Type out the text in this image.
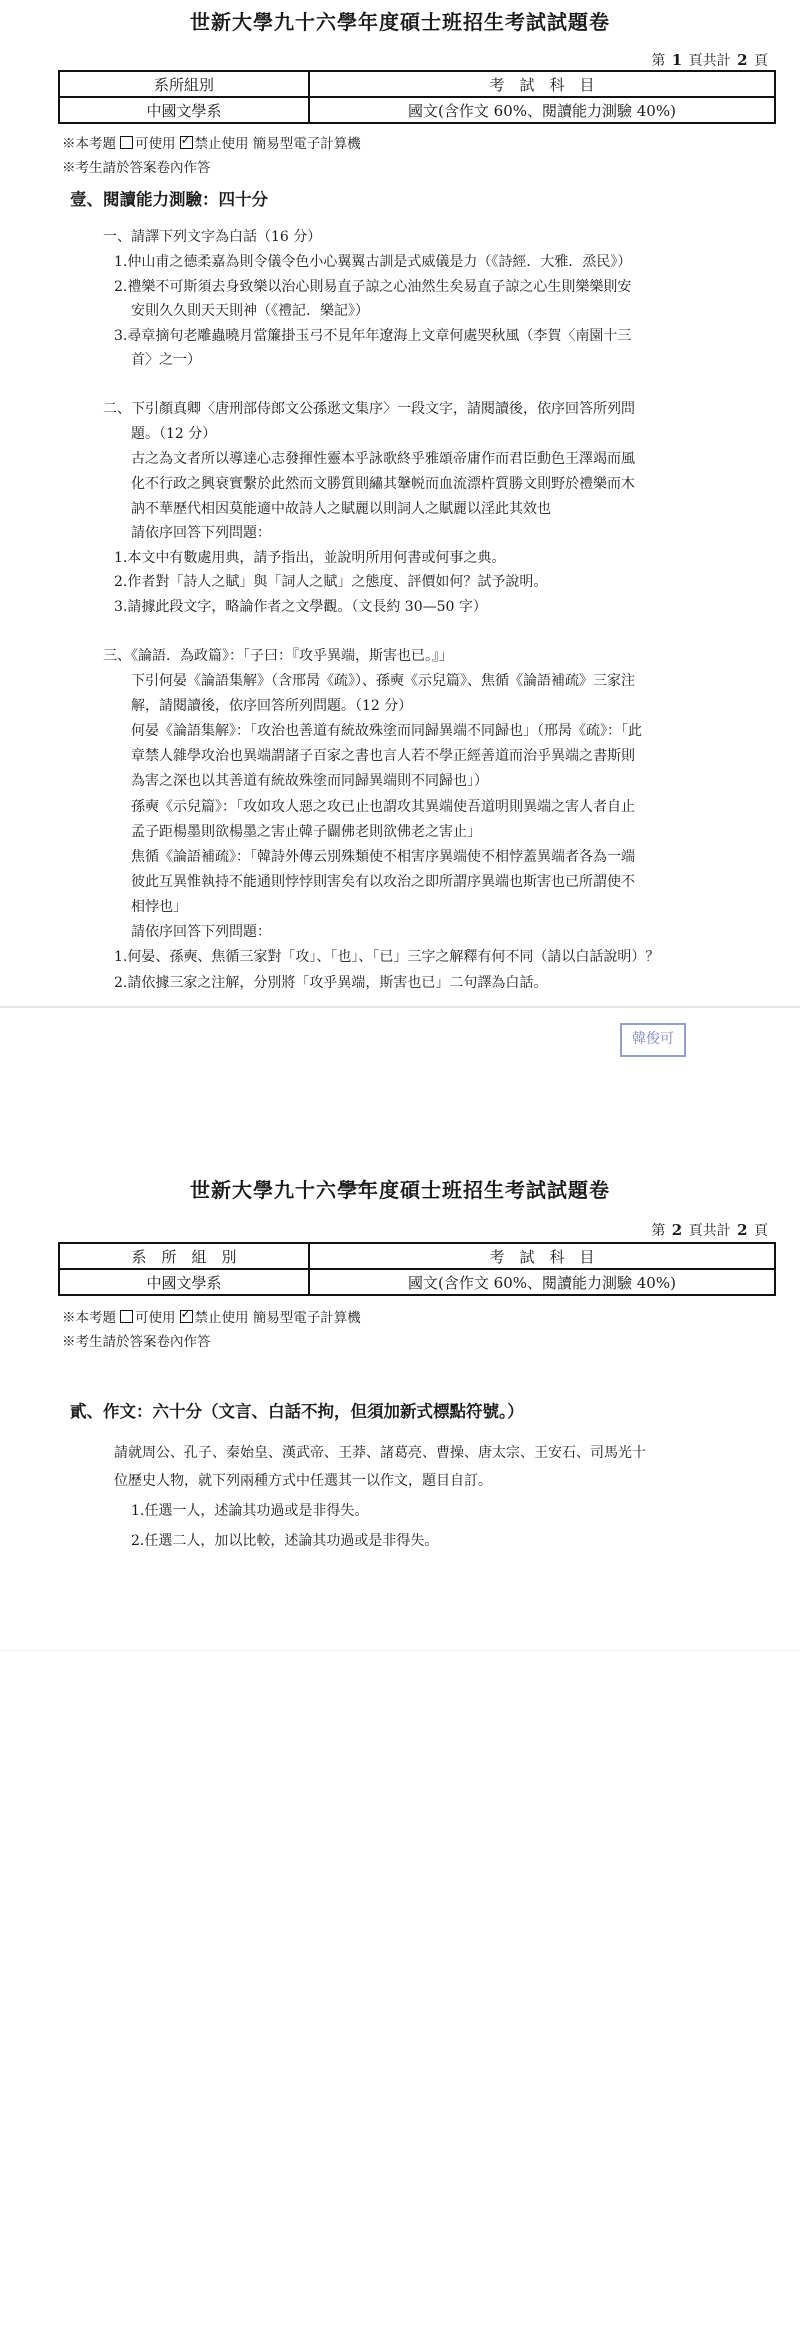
世新大學九十六學年度碩士班招生考試試題卷
第 1 頁共計 2 頁
系所組別	考　試　科　目
中國文學系	國文(含作文 60%、閱讀能力測驗 40%)
※本考題 可使用 ✓ 禁止使用 簡易型電子計算機
※考生請於答案卷內作答
壹、閱讀能力測驗：四十分
一、請譯下列文字為白話（16 分）
1.仲山甫之德柔嘉為則令儀令色小心翼翼古訓是式威儀是力（《詩經．大雅．烝民》）
2.禮樂不可斯須去身致樂以治心則易直子諒之心油然生矣易直子諒之心生則樂樂則安
安則久久則天天則神（《禮記．樂記》）
3.尋章摘句老雕蟲曉月當簾掛玉弓不見年年遼海上文章何處哭秋風（李賀〈南園十三
首〉之一）
二、下引顏真卿〈唐刑部侍郎文公孫逖文集序〉一段文字，請閱讀後，依序回答所列問
題。（12 分）
古之為文者所以導達心志發揮性靈本乎詠歌終乎雅頌帝庸作而君臣動色王澤竭而風
化不行政之興衰實繫於此然而文勝質則繡其鞶帨而血流漂杵質勝文則野於禮樂而木
訥不華歷代相因莫能適中故詩人之賦麗以則詞人之賦麗以淫此其效也
請依序回答下列問題：
1.本文中有數處用典，請予指出，並說明所用何書或何事之典。
2.作者對「詩人之賦」與「詞人之賦」之態度、評價如何？試予說明。
3.請據此段文字，略論作者之文學觀。（文長約 30—50 字）
三、《論語．為政篇》：「子曰：『攻乎異端，斯害也已。』」
下引何晏《論語集解》（含邢昺《疏》）、孫奭《示兒篇》、焦循《論語補疏》三家注
解，請閱讀後，依序回答所列問題。（12 分）
何晏《論語集解》：「攻治也善道有統故殊塗而同歸異端不同歸也」（邢昺《疏》：「此
章禁人雜學攻治也異端謂諸子百家之書也言人若不學正經善道而治乎異端之書斯則
為害之深也以其善道有統故殊塗而同歸異端則不同歸也」）
孫奭《示兒篇》：「攻如攻人惡之攻已止也謂攻其異端使吾道明則異端之害人者自止
孟子距楊墨則欲楊墨之害止韓子闢佛老則欲佛老之害止」
焦循《論語補疏》：「韓詩外傳云別殊類使不相害序異端使不相悖蓋異端者各為一端
彼此互異惟執持不能通則悖悖則害矣有以攻治之即所謂序異端也斯害也已所謂使不
相悖也」
請依序回答下列問題：
1.何晏、孫奭、焦循三家對「攻」、「也」、「已」三字之解釋有何不同（請以白話說明）？
2.請依據三家之注解，分別將「攻乎異端，斯害也已」二句譯為白話。
韓俊可
世新大學九十六學年度碩士班招生考試試題卷
第 2 頁共計 2 頁
系　所　組　別	考　試　科　目
中國文學系	國文(含作文 60%、閱讀能力測驗 40%)
※本考題 可使用 ✓ 禁止使用 簡易型電子計算機
※考生請於答案卷內作答
貳、作文：六十分（文言、白話不拘，但須加新式標點符號。）
請就周公、孔子、秦始皇、漢武帝、王莽、諸葛亮、曹操、唐太宗、王安石、司馬光十
位歷史人物，就下列兩種方式中任選其一以作文，題目自訂。
1.任選一人，述論其功過或是非得失。
2.任選二人，加以比較，述論其功過或是非得失。
